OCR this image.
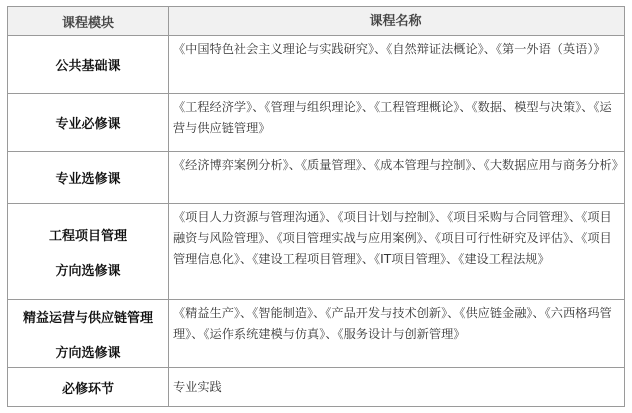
课程模块	课程名称
公共基础课
《中国特色社会主义理论与实践研究》、《自然辩证法概论》、《第一外语（英语）》
专业必修课
《工程经济学》、《管理与组织理论》、《工程管理概论》、《数据、模型与决策》、《运营与供应链管理》
专业选修课
《经济博弈案例分析》、《质量管理》、《成本管理与控制》、《大数据应用与商务分析》
工程项目管理
方向选修课
《项目人力资源与管理沟通》、《项目计划与控制》、《项目采购与合同管理》、《项目融资与风险管理》、《项目管理实战与应用案例》、《项目可行性研究及评估》、《项目管理信息化》、《建设工程项目管理》、《IT项目管理》、《建设工程法规》
精益运营与供应链管理
方向选修课
《精益生产》、《智能制造》、《产品开发与技术创新》、《供应链金融》、《六西格玛管理》、《运作系统建模与仿真》、《服务设计与创新管理》
必修环节	专业实践
